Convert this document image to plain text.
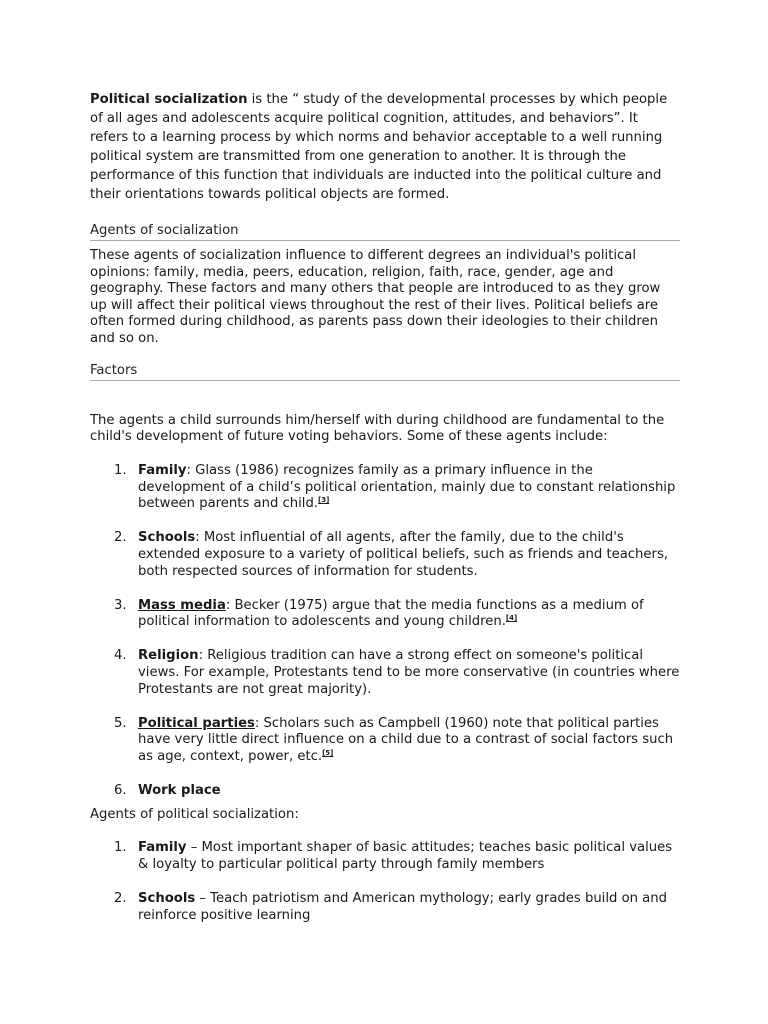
Political socialization is the “ study of the developmental processes by which people of all ages and adolescents acquire political cognition, attitudes, and behaviors”. It refers to a learning process by which norms and behavior acceptable to a well running political system are transmitted from one generation to another. It is through the performance of this function that individuals are inducted into the political culture and their orientations towards political objects are formed.

Agents of socialization

These agents of socialization influence to different degrees an individual's political opinions: family, media, peers, education, religion, faith, race, gender, age and geography. These factors and many others that people are introduced to as they grow up will affect their political views throughout the rest of their lives. Political beliefs are often formed during childhood, as parents pass down their ideologies to their children and so on.

Factors

The agents a child surrounds him/herself with during childhood are fundamental to the child's development of future voting behaviors. Some of these agents include:

1. Family: Glass (1986) recognizes family as a primary influence in the development of a child’s political orientation, mainly due to constant relationship between parents and child.[3]
2. Schools: Most influential of all agents, after the family, due to the child's extended exposure to a variety of political beliefs, such as friends and teachers, both respected sources of information for students.
3. Mass media: Becker (1975) argue that the media functions as a medium of political information to adolescents and young children.[4]
4. Religion: Religious tradition can have a strong effect on someone's political views. For example, Protestants tend to be more conservative (in countries where Protestants are not great majority).
5. Political parties: Scholars such as Campbell (1960) note that political parties have very little direct influence on a child due to a contrast of social factors such as age, context, power, etc.[5]
6. Work place

Agents of political socialization:

1. Family – Most important shaper of basic attitudes; teaches basic political values & loyalty to particular political party through family members
2. Schools – Teach patriotism and American mythology; early grades build on and reinforce positive learning
